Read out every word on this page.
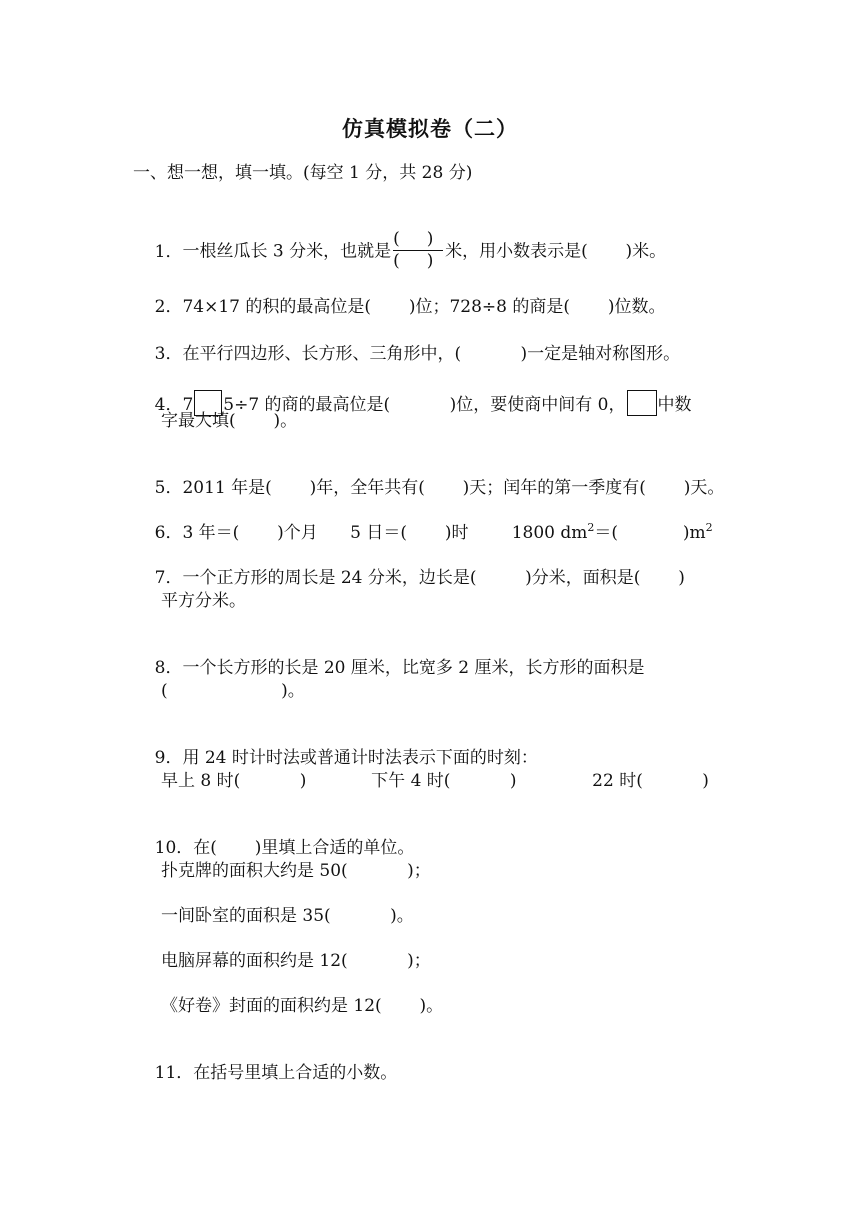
仿真模拟卷（二）
一、想一想，填一填。(每空 1 分，共 28 分)

1．一根丝瓜长 3 分米，也就是 $\frac{( )}{( )}$ 米，用小数表示是(       )米。

2．74×17 的积的最高位是(       )位；728÷8 的商是(       )位数。

3．在平行四边形、长方形、三角形中，(           )一定是轴对称图形。

4．7 5÷7 的商的最高位是(           )位，要使商中间有 0， 中数

字最大填(       )。

5．2011 年是(       )年，全年共有(       )天；闰年的第一季度有(       )天。

6．3 年＝(       )个月      5 日＝(       )时        1800 $dm^2=$(            )$m^2$

7．一个正方形的周长是 24 分米，边长是(         )分米，面积是(       )

平方分米。

8．一个长方形的长是 20 厘米，比宽多 2 厘米，长方形的面积是

(                     )。

9．用 24 时计时法或普通计时法表示下面的时刻：

早上 8 时(           )            下午 4 时(           )              22 时(           )

10．在(       )里填上合适的单位。

扑克牌的面积大约是 50(           )；
一间卧室的面积是 35(           )。
电脑屏幕的面积约是 12(           )；
《好卷》封面的面积约是 12(       )。

11．在括号里填上合适的小数。
